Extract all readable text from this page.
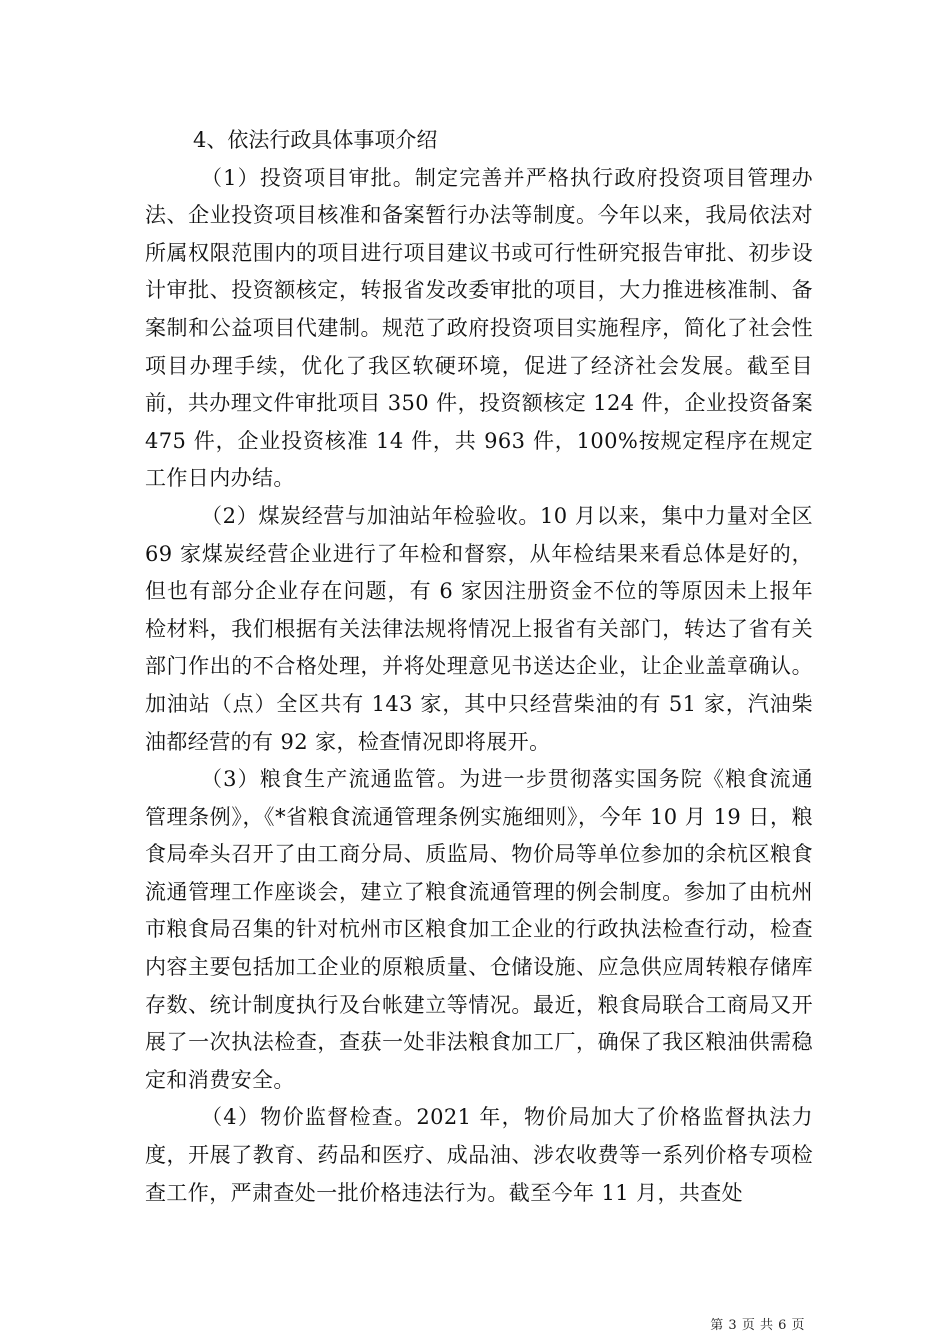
4、依法行政具体事项介绍

（1）投资项目审批。制定完善并严格执行政府投资项目管理办法、企业投资项目核准和备案暂行办法等制度。今年以来，我局依法对所属权限范围内的项目进行项目建议书或可行性研究报告审批、初步设计审批、投资额核定，转报省发改委审批的项目，大力推进核准制、备案制和公益项目代建制。规范了政府投资项目实施程序，简化了社会性项目办理手续，优化了我区软硬环境，促进了经济社会发展。截至目前，共办理文件审批项目 350 件，投资额核定 124 件，企业投资备案 475 件，企业投资核准 14 件，共 963 件，100%按规定程序在规定工作日内办结。

（2）煤炭经营与加油站年检验收。10 月以来，集中力量对全区 69 家煤炭经营企业进行了年检和督察，从年检结果来看总体是好的，但也有部分企业存在问题，有 6 家因注册资金不位的等原因未上报年检材料，我们根据有关法律法规将情况上报省有关部门，转达了省有关部门作出的不合格处理，并将处理意见书送达企业，让企业盖章确认。加油站（点）全区共有 143 家，其中只经营柴油的有 51 家，汽油柴油都经营的有 92 家，检查情况即将展开。

（3）粮食生产流通监管。为进一步贯彻落实国务院《粮食流通管理条例》，《*省粮食流通管理条例实施细则》，今年 10 月 19 日，粮食局牵头召开了由工商分局、质监局、物价局等单位参加的余杭区粮食流通管理工作座谈会，建立了粮食流通管理的例会制度。参加了由杭州市粮食局召集的针对杭州市区粮食加工企业的行政执法检查行动，检查内容主要包括加工企业的原粮质量、仓储设施、应急供应周转粮存储库存数、统计制度执行及台帐建立等情况。最近，粮食局联合工商局又开展了一次执法检查，查获一处非法粮食加工厂，确保了我区粮油供需稳定和消费安全。

（4）物价监督检查。2021 年，物价局加大了价格监督执法力度，开展了教育、药品和医疗、成品油、涉农收费等一系列价格专项检查工作，严肃查处一批价格违法行为。截至今年 11 月，共查处

第 3 页 共 6 页
